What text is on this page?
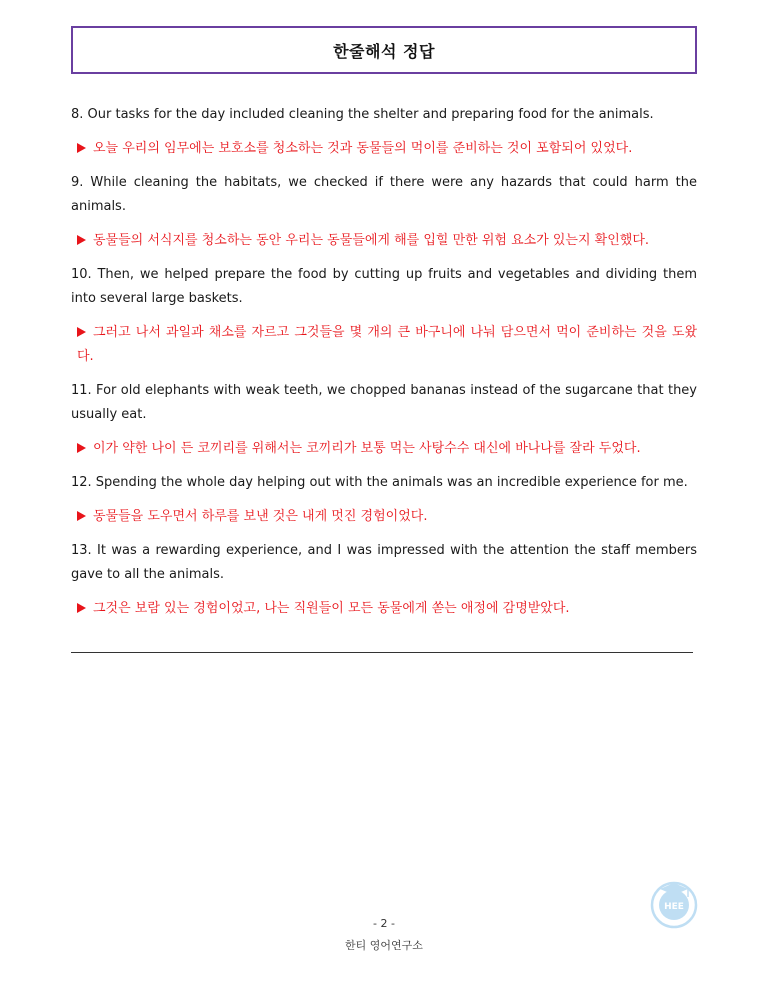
한줄해석 정답

8. Our tasks for the day included cleaning the shelter and preparing food for the animals.

오늘 우리의 임무에는 보호소를 청소하는 것과 동물들의 먹이를 준비하는 것이 포함되어 있었다.

9. While cleaning the habitats, we checked if there were any hazards that could harm the animals.

동물들의 서식지를 청소하는 동안 우리는 동물들에게 해를 입힐 만한 위험 요소가 있는지 확인했다.

10. Then, we helped prepare the food by cutting up fruits and vegetables and dividing them into several large baskets.

그러고 나서 과일과 채소를 자르고 그것들을 몇 개의 큰 바구니에 나눠 담으면서 먹이 준비하는 것을 도왔다.

11. For old elephants with weak teeth, we chopped bananas instead of the sugarcane that they usually eat.

이가 약한 나이 든 코끼리를 위해서는 코끼리가 보통 먹는 사탕수수 대신에 바나나를 잘라 두었다.

12. Spending the whole day helping out with the animals was an incredible experience for me.

동물들을 도우면서 하루를 보낸 것은 내게 멋진 경험이었다.

13. It was a rewarding experience, and I was impressed with the attention the staff members gave to all the animals.

그것은 보람 있는 경험이었고, 나는 직원들이 모든 동물에게 쏟는 애정에 감명받았다.

HEE
- 2 -
한티 영어연구소
